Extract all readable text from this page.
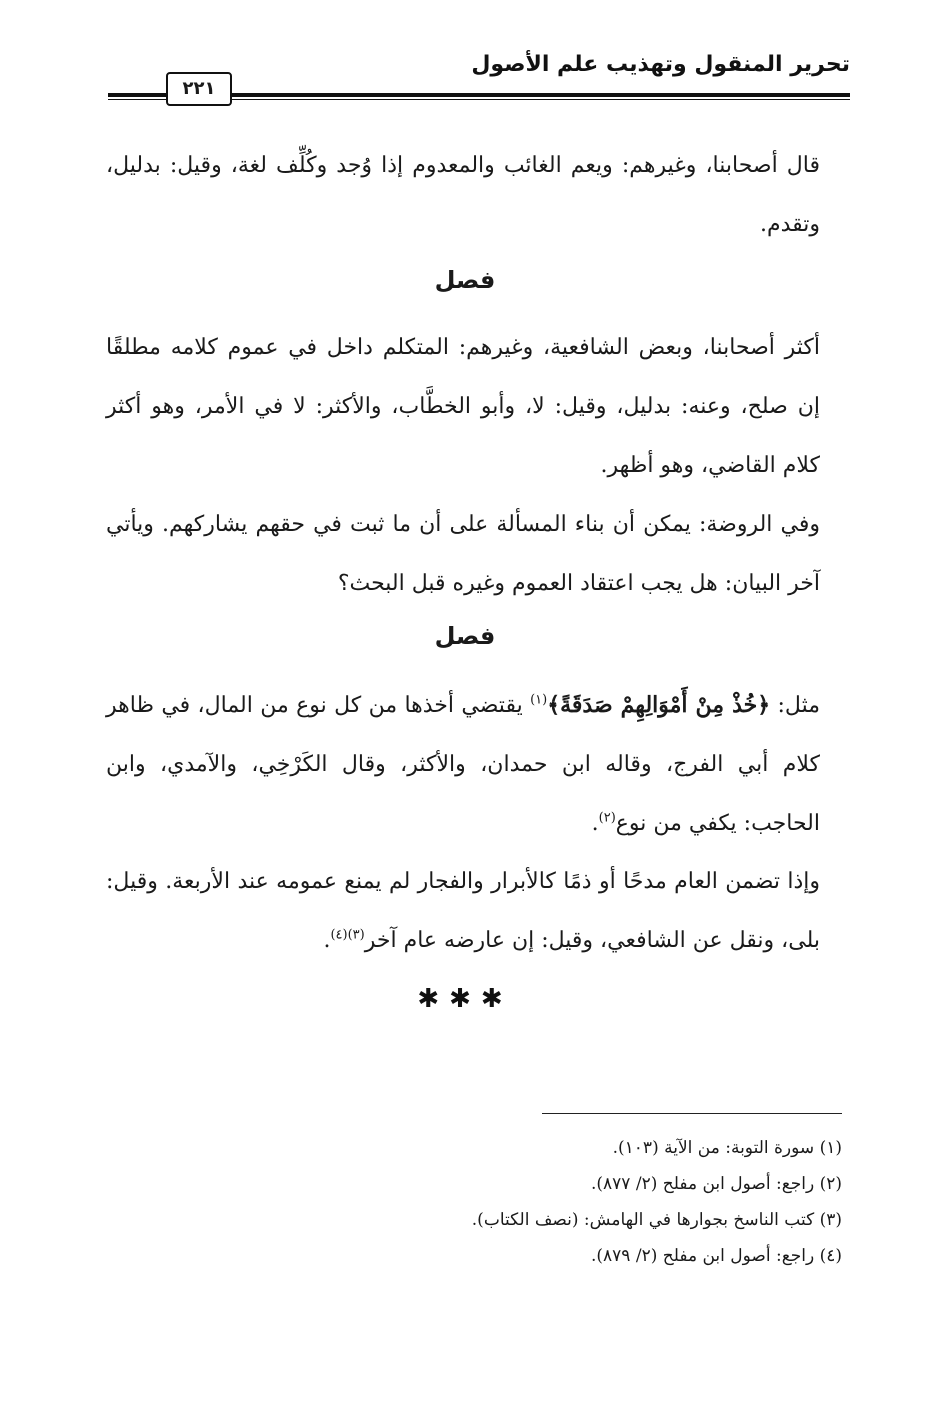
تحرير المنقول وتهذيب علم الأصول
٢٢١

قال أصحابنا، وغيرهم: ويعم الغائب والمعدوم إذا وُجد وكُلِّف لغة، وقيل: بدليل، وتقدم.

فصل

أكثر أصحابنا، وبعض الشافعية، وغيرهم: المتكلم داخل في عموم كلامه مطلقًا إن صلح، وعنه: بدليل، وقيل: لا، وأبو الخطَّاب، والأكثر: لا في الأمر، وهو أكثر كلام القاضي، وهو أظهر.

وفي الروضة: يمكن أن بناء المسألة على أن ما ثبت في حقهم يشاركهم. ويأتي آخر البيان: هل يجب اعتقاد العموم وغيره قبل البحث؟

فصل

مثل: ﴿خُذْ مِنْ أَمْوَالِهِمْ صَدَقَةً﴾$^{(١)}$ يقتضي أخذها من كل نوع من المال، في ظاهر كلام أبي الفرج، وقاله ابن حمدان، والأكثر، وقال الكَرْخِي، والآمدي، وابن الحاجب: يكفي من نوع$^{(٢)}$.

وإذا تضمن العام مدحًا أو ذمًا كالأبرار والفجار لم يمنع عمومه عند الأربعة. وقيل: بلى، ونقل عن الشافعي، وقيل: إن عارضه عام آخر$^{(٣)(٤)}$.

✱✱✱

(١) سورة التوبة: من الآية (١٠٣).

(٢) راجع: أصول ابن مفلح (٢/ ٨٧٧).

(٣) كتب الناسخ بجوارها في الهامش: (نصف الكتاب).

(٤) راجع: أصول ابن مفلح (٢/ ٨٧٩).
